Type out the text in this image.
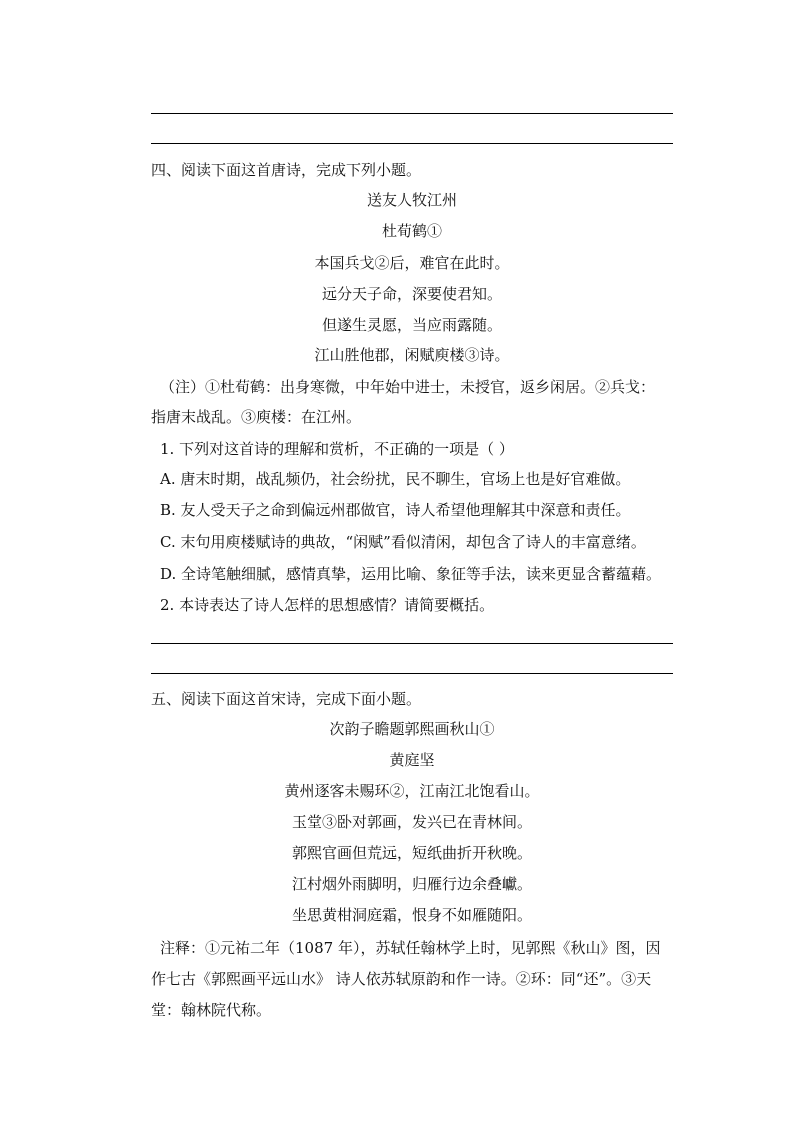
四、阅读下面这首唐诗，完成下列小题。
送友人牧江州
杜荀鹤①
本国兵戈②后，难官在此时。
远分天子命，深要使君知。
但遂生灵愿，当应雨露随。
江山胜他郡，闲赋庾楼③诗。
（注）①杜荀鹤：出身寒微，中年始中进士，未授官，返乡闲居。②兵戈：
指唐末战乱。③庾楼：在江州。
1. 下列对这首诗的理解和赏析，不正确的一项是（ ）
A. 唐末时期，战乱频仍，社会纷扰，民不聊生，官场上也是好官难做。
B. 友人受天子之命到偏远州郡做官，诗人希望他理解其中深意和责任。
C. 末句用庾楼赋诗的典故，“闲赋”看似清闲，却包含了诗人的丰富意绪。
D. 全诗笔触细腻，感情真挚，运用比喻、象征等手法，读来更显含蓄蕴藉。
2. 本诗表达了诗人怎样的思想感情？请简要概括。
五、阅读下面这首宋诗，完成下面小题。
次韵子瞻题郭熙画秋山①
黄庭坚
黄州逐客未赐环②，江南江北饱看山。
玉堂③卧对郭画，发兴已在青林间。
郭熙官画但荒远，短纸曲折开秋晚。
江村烟外雨脚明，归雁行边余叠巘。
坐思黄柑洞庭霜，恨身不如雁随阳。
注释：①元祐二年（1087 年），苏轼任翰林学上时，见郭熙《秋山》图，因
作七古《郭熙画平远山水》 诗人依苏轼原韵和作一诗。②环：同“还”。③天
堂：翰林院代称。
